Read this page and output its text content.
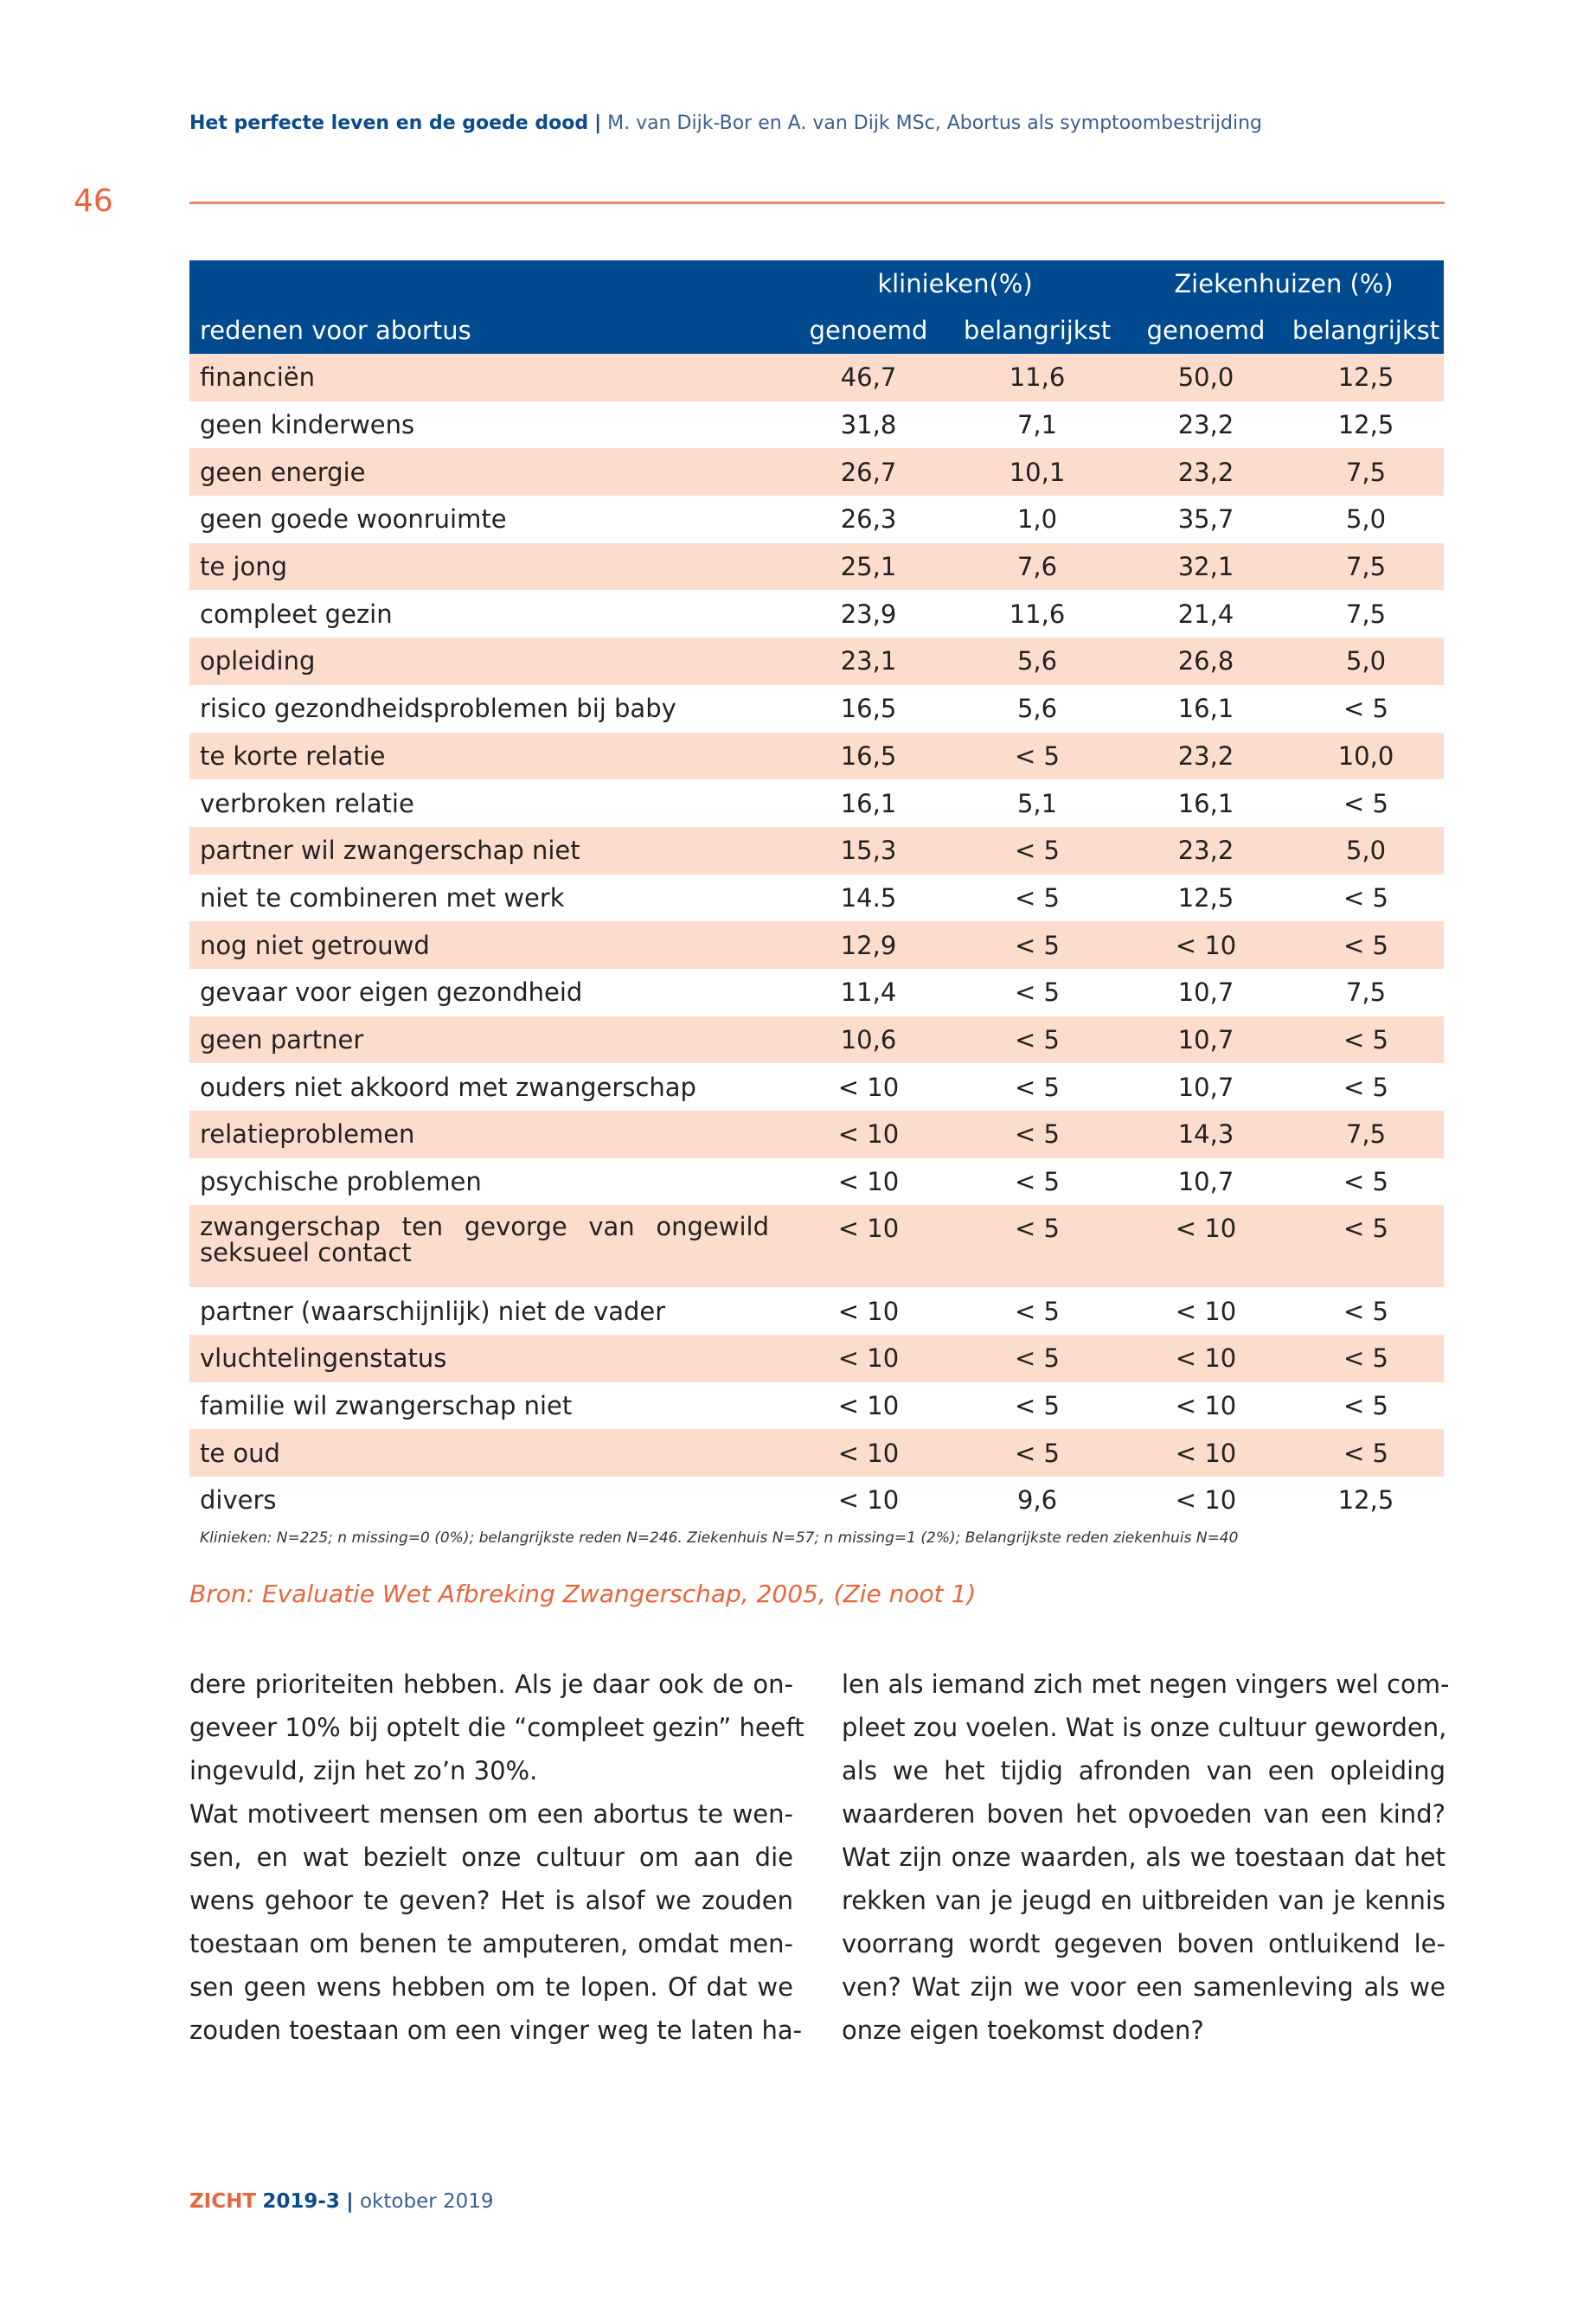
Het perfecte leven en de goede dood | M. van Dijk-Bor en A. van Dijk MSc, Abortus als symptoombestrijding
46
	klinieken(%)		Ziekenhuizen (%)	
redenen voor abortus	genoemd	belangrijkst	genoemd	belangrijkst
financiën	46,7	11,6	50,0	12,5
geen kinderwens	31,8	7,1	23,2	12,5
geen energie	26,7	10,1	23,2	7,5
geen goede woonruimte	26,3	1,0	35,7	5,0
te jong	25,1	7,6	32,1	7,5
compleet gezin	23,9	11,6	21,4	7,5
opleiding	23,1	5,6	26,8	5,0
risico gezondheidsproblemen bij baby	16,5	5,6	16,1	< 5
te korte relatie	16,5	< 5	23,2	10,0
verbroken relatie	16,1	5,1	16,1	< 5
partner wil zwangerschap niet	15,3	< 5	23,2	5,0
niet te combineren met werk	14.5	< 5	12,5	< 5
nog niet getrouwd	12,9	< 5	< 10	< 5
gevaar voor eigen gezondheid	11,4	< 5	10,7	7,5
geen partner	10,6	< 5	10,7	< 5
ouders niet akkoord met zwangerschap	< 10	< 5	10,7	< 5
relatieproblemen	< 10	< 5	14,3	7,5
psychische problemen	< 10	< 5	10,7	< 5
zwangerschap ten gevorge van ongewild seksueel contact	< 10	< 5	< 10	< 5
partner (waarschijnlijk) niet de vader	< 10	< 5	< 10	< 5
vluchtelingenstatus	< 10	< 5	< 10	< 5
familie wil zwangerschap niet	< 10	< 5	< 10	< 5
te oud	< 10	< 5	< 10	< 5
divers	< 10	9,6	< 10	12,5
Klinieken: N=225; n missing=0 (0%); belangrijkste reden N=246. Ziekenhuis N=57; n missing=1 (2%); Belangrijkste reden ziekenhuis N=40
Bron: Evaluatie Wet Afbreking Zwangerschap, 2005, (Zie noot 1)
dere prioriteiten hebben. Als je daar ook de on-
geveer 10% bij optelt die “compleet gezin” heeft
ingevuld, zijn het zo’n 30%.
Wat motiveert mensen om een abortus te wen-
sen, en wat bezielt onze cultuur om aan die
wens gehoor te geven? Het is alsof we zouden
toestaan om benen te amputeren, omdat men-
sen geen wens hebben om te lopen. Of dat we
zouden toestaan om een vinger weg te laten ha-
len als iemand zich met negen vingers wel com-
pleet zou voelen. Wat is onze cultuur geworden,
als we het tijdig afronden van een opleiding
waarderen boven het opvoeden van een kind?
Wat zijn onze waarden, als we toestaan dat het
rekken van je jeugd en uitbreiden van je kennis
voorrang wordt gegeven boven ontluikend le-
ven? Wat zijn we voor een samenleving als we
onze eigen toekomst doden?
ZICHT 2019-3 | oktober 2019
